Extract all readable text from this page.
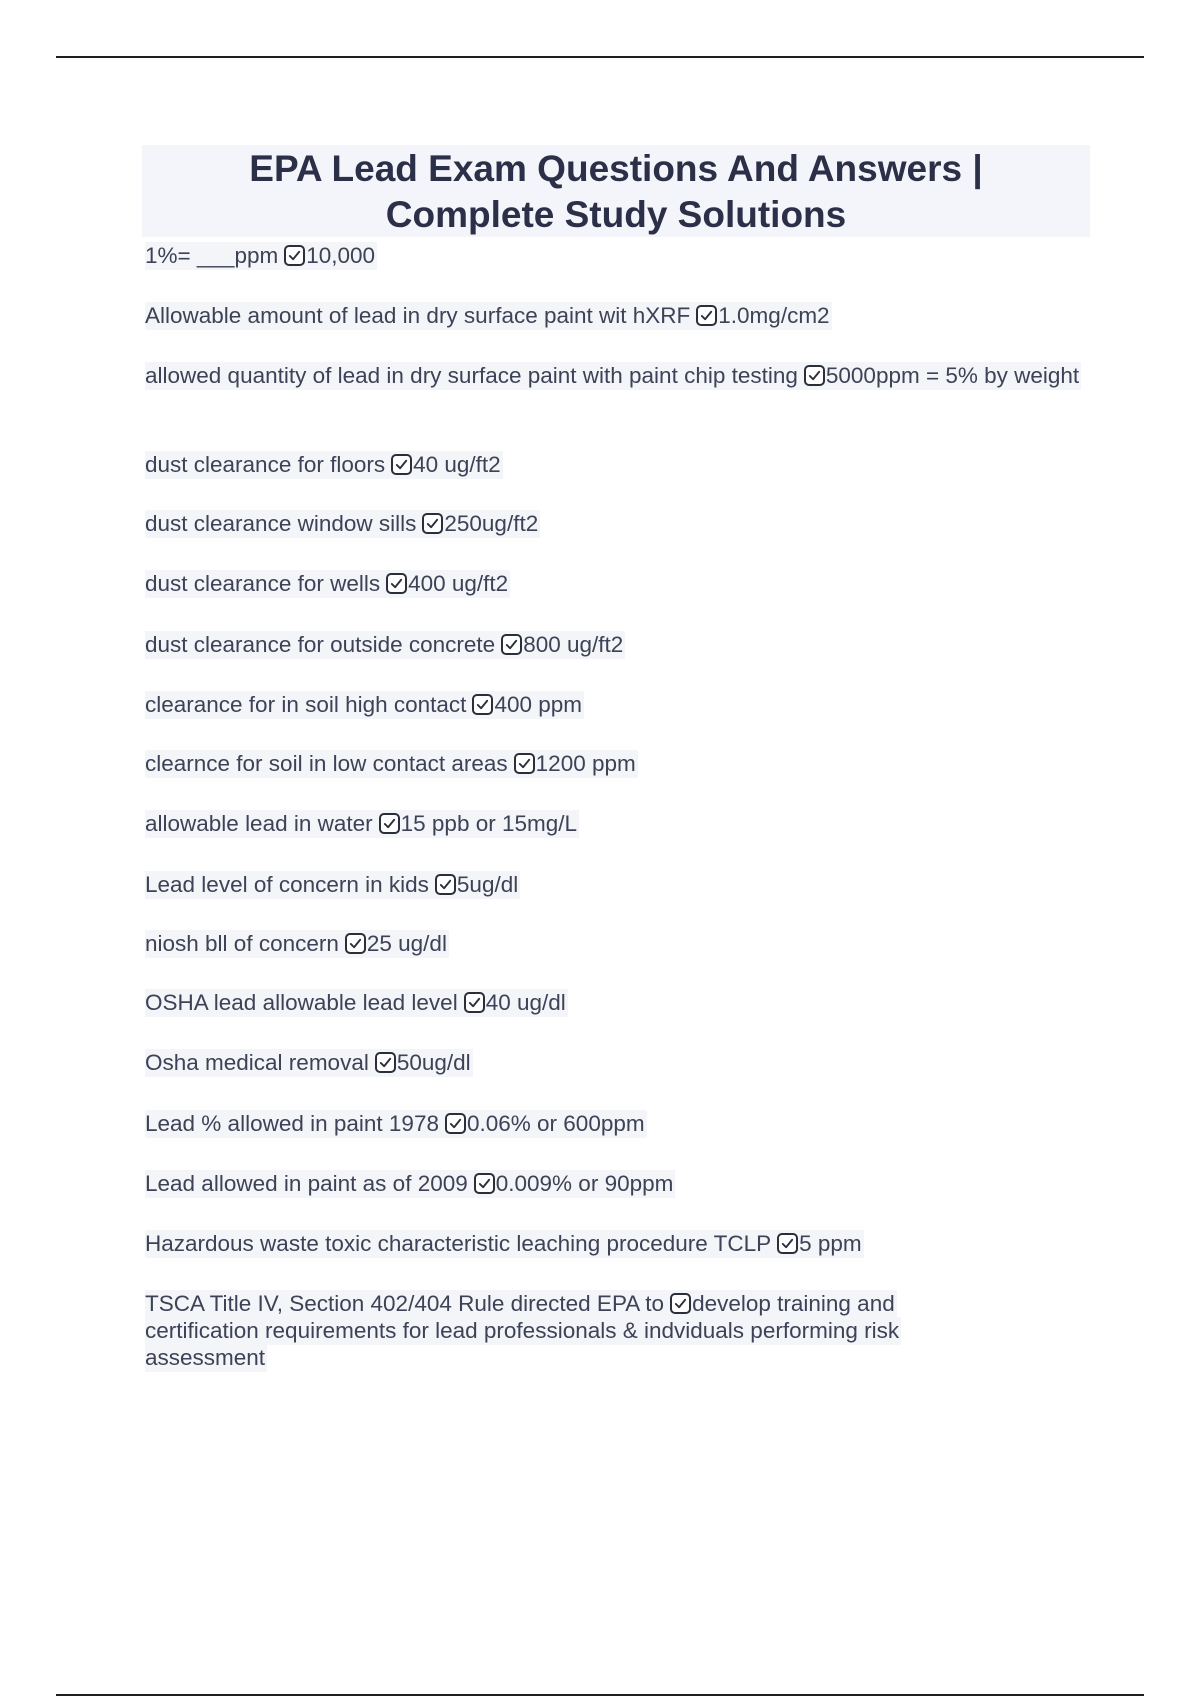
EPA Lead Exam Questions And Answers |
Complete Study Solutions

1%= ___ppm 10,000

Allowable amount of lead in dry surface paint wit hXRF 1.0mg/cm2

allowed quantity of lead in dry surface paint with paint chip testing 5000ppm = 5% by weight

dust clearance for floors 40 ug/ft2

dust clearance window sills 250ug/ft2

dust clearance for wells 400 ug/ft2

dust clearance for outside concrete 800 ug/ft2

clearance for in soil high contact 400 ppm

clearnce for soil in low contact areas 1200 ppm

allowable lead in water 15 ppb or 15mg/L

Lead level of concern in kids 5ug/dl

niosh bll of concern 25 ug/dl

OSHA lead allowable lead level 40 ug/dl

Osha medical removal 50ug/dl

Lead % allowed in paint 1978 0.06% or 600ppm

Lead allowed in paint as of 2009 0.009% or 90ppm

Hazardous waste toxic characteristic leaching procedure TCLP 5 ppm

TSCA Title IV, Section 402/404 Rule directed EPA to develop training and certification requirements for lead professionals & indviduals performing risk assessment
